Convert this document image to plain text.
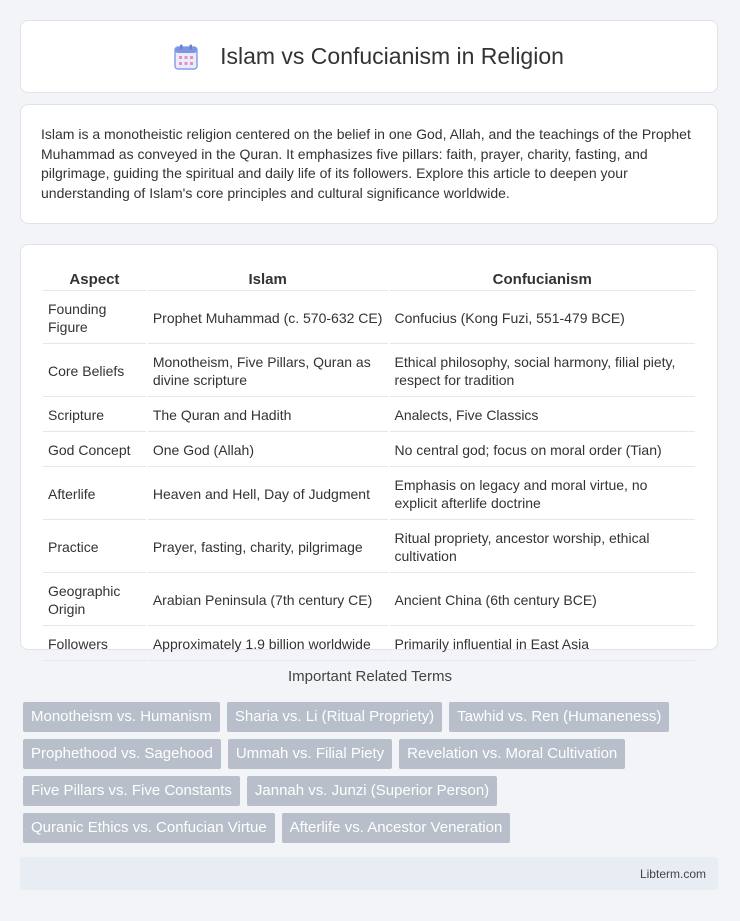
Islam vs Confucianism in Religion

Islam is a monotheistic religion centered on the belief in one God, Allah, and the teachings of the Prophet Muhammad as conveyed in the Quran. It emphasizes five pillars: faith, prayer, charity, fasting, and pilgrimage, guiding the spiritual and daily life of its followers. Explore this article to deepen your understanding of Islam's core principles and cultural significance worldwide.

Aspect	Islam	Confucianism
Founding Figure	Prophet Muhammad (c. 570-632 CE)	Confucius (Kong Fuzi, 551-479 BCE)
Core Beliefs	Monotheism, Five Pillars, Quran as divine scripture	Ethical philosophy, social harmony, filial piety, respect for tradition
Scripture	The Quran and Hadith	Analects, Five Classics
God Concept	One God (Allah)	No central god; focus on moral order (Tian)
Afterlife	Heaven and Hell, Day of Judgment	Emphasis on legacy and moral virtue, no explicit afterlife doctrine
Practice	Prayer, fasting, charity, pilgrimage	Ritual propriety, ancestor worship, ethical cultivation
Geographic Origin	Arabian Peninsula (7th century CE)	Ancient China (6th century BCE)
Followers	Approximately 1.9 billion worldwide	Primarily influential in East Asia
Important Related Terms
Monotheism vs. Humanism	Sharia vs. Li (Ritual Propriety)	Tawhid vs. Ren (Humaneness)
Prophethood vs. Sagehood	Ummah vs. Filial Piety	Revelation vs. Moral Cultivation
Five Pillars vs. Five Constants	Jannah vs. Junzi (Superior Person)
Quranic Ethics vs. Confucian Virtue	Afterlife vs. Ancestor Veneration
Libterm.com
